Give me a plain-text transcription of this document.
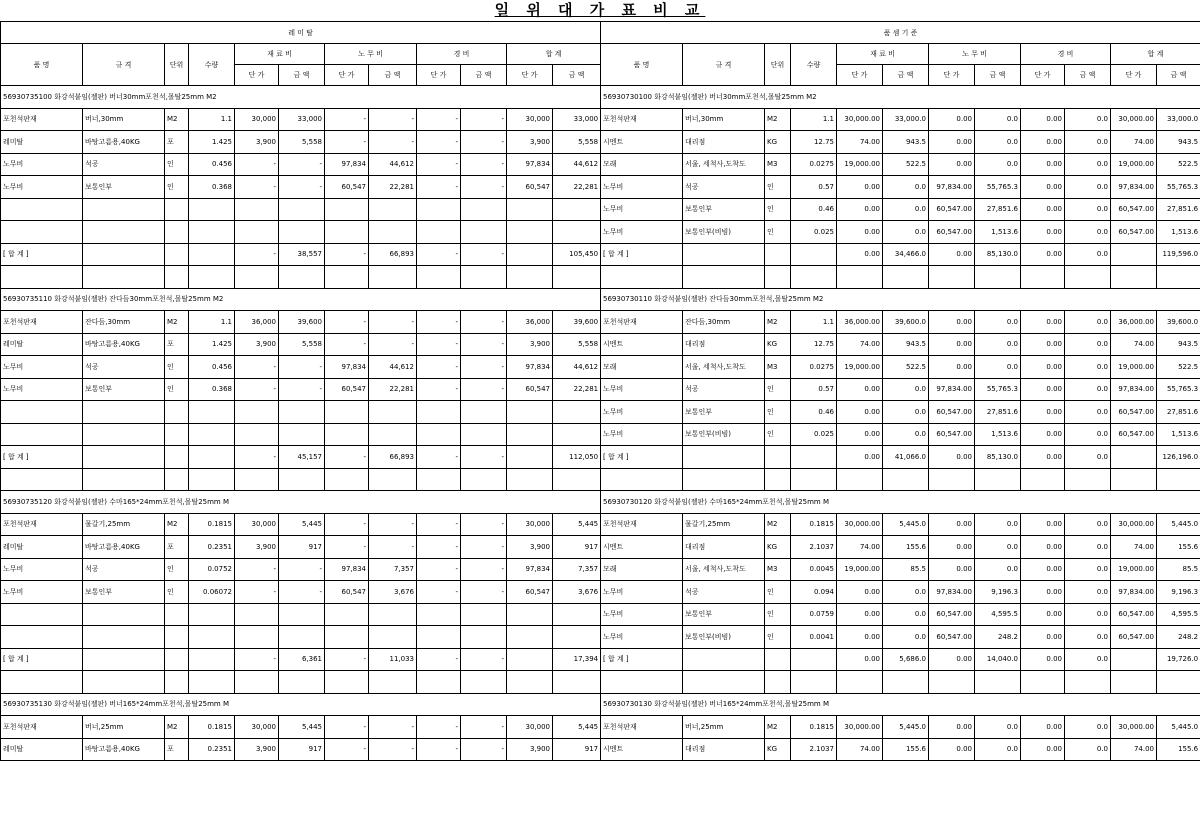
일 위 대 가 표 비 교
레 미 탈											
품 명	규 격	단위	수량	재 료 비		노 무 비		경 비		합 계	
				단 가	금 액	단 가	금 액	단 가	금 액	단 가	금 액
56930735100 화강석붙임(젤판) 버너30mm포천석,몰탈25mm M2											
포천석판재	버너,30mm	M2	1.1	30,000	33,000	-	-	-	-	30,000	33,000
레미탈	바탕고름용,40KG	포	1.425	3,900	5,558	-	-	-	-	3,900	5,558
노무비	석공	인	0.456	-	-	97,834	44,612	-	-	97,834	44,612
노무비	보통인부	인	0.368	-	-	60,547	22,281	-	-	60,547	22,281

[ 합 계 ]				-	38,557	-	66,893	-	-		105,450

56930735110 화강석붙임(젤판) 잔다듬30mm포천석,몰탈25mm M2											
포천석판재	잔다듬,30mm	M2	1.1	36,000	39,600	-	-	-	-	36,000	39,600
레미탈	바탕고름용,40KG	포	1.425	3,900	5,558	-	-	-	-	3,900	5,558
노무비	석공	인	0.456	-	-	97,834	44,612	-	-	97,834	44,612
노무비	보통인부	인	0.368	-	-	60,547	22,281	-	-	60,547	22,281

[ 합 계 ]				-	45,157	-	66,893	-	-		112,050

56930735120 화강석붙임(젤판) 수마165*24mm포천석,몰탈25mm M											
포천석판재	물갈기,25mm	M2	0.1815	30,000	5,445	-	-	-	-	30,000	5,445
레미탈	바탕고름용,40KG	포	0.2351	3,900	917	-	-	-	-	3,900	917
노무비	석공	인	0.0752	-	-	97,834	7,357	-	-	97,834	7,357
노무비	보통인부	인	0.06072	-	-	60,547	3,676	-	-	60,547	3,676

[ 합 계 ]				-	6,361	-	11,033	-	-		17,394

56930735130 화강석붙임(젤판) 버너165*24mm포천석,몰탈25mm M											
포천석판재	버너,25mm	M2	0.1815	30,000	5,445	-	-	-	-	30,000	5,445
레미탈	바탕고름용,40KG	포	0.2351	3,900	917	-	-	-	-	3,900	917
품 셈 기 준											
품 명	규 격	단위	수량	재 료 비		노 무 비		경 비		합 계	
				단 가	금 액	단 가	금 액	단 가	금 액	단 가	금 액
56930730100 화강석붙임(젤판) 버너30mm포천석,몰탈25mm M2											
포천석판재	버너,30mm	M2	1.1	30,000.00	33,000.0	0.00	0.0	0.00	0.0	30,000.00	33,000.0
시멘트	대리점	KG	12.75	74.00	943.5	0.00	0.0	0.00	0.0	74.00	943.5
모래	서울, 세척사,도착도	M3	0.0275	19,000.00	522.5	0.00	0.0	0.00	0.0	19,000.00	522.5
노무비	석공	인	0.57	0.00	0.0	97,834.00	55,765.3	0.00	0.0	97,834.00	55,765.3
노무비	보통인부	인	0.46	0.00	0.0	60,547.00	27,851.6	0.00	0.0	60,547.00	27,851.6
노무비	보통인부(비빔)	인	0.025	0.00	0.0	60,547.00	1,513.6	0.00	0.0	60,547.00	1,513.6
[ 합 계 ]				0.00	34,466.0	0.00	85,130.0	0.00	0.0		119,596.0

56930730110 화강석붙임(젤판) 잔다듬30mm포천석,몰탈25mm M2											
포천석판재	잔다듬,30mm	M2	1.1	36,000.00	39,600.0	0.00	0.0	0.00	0.0	36,000.00	39,600.0
시멘트	대리점	KG	12.75	74.00	943.5	0.00	0.0	0.00	0.0	74.00	943.5
모래	서울, 세척사,도착도	M3	0.0275	19,000.00	522.5	0.00	0.0	0.00	0.0	19,000.00	522.5
노무비	석공	인	0.57	0.00	0.0	97,834.00	55,765.3	0.00	0.0	97,834.00	55,765.3
노무비	보통인부	인	0.46	0.00	0.0	60,547.00	27,851.6	0.00	0.0	60,547.00	27,851.6
노무비	보통인부(비빔)	인	0.025	0.00	0.0	60,547.00	1,513.6	0.00	0.0	60,547.00	1,513.6
[ 합 계 ]				0.00	41,066.0	0.00	85,130.0	0.00	0.0		126,196.0

56930730120 화강석붙임(젤판) 수마165*24mm포천석,몰탈25mm M											
포천석판재	물갈기,25mm	M2	0.1815	30,000.00	5,445.0	0.00	0.0	0.00	0.0	30,000.00	5,445.0
시멘트	대리점	KG	2.1037	74.00	155.6	0.00	0.0	0.00	0.0	74.00	155.6
모래	서울, 세척사,도착도	M3	0.0045	19,000.00	85.5	0.00	0.0	0.00	0.0	19,000.00	85.5
노무비	석공	인	0.094	0.00	0.0	97,834.00	9,196.3	0.00	0.0	97,834.00	9,196.3
노무비	보통인부	인	0.0759	0.00	0.0	60,547.00	4,595.5	0.00	0.0	60,547.00	4,595.5
노무비	보통인부(비빔)	인	0.0041	0.00	0.0	60,547.00	248.2	0.00	0.0	60,547.00	248.2
[ 합 계 ]				0.00	5,686.0	0.00	14,040.0	0.00	0.0		19,726.0

56930730130 화강석붙임(젤판) 버너165*24mm포천석,몰탈25mm M											
포천석판재	버너,25mm	M2	0.1815	30,000.00	5,445.0	0.00	0.0	0.00	0.0	30,000.00	5,445.0
시멘트	대리점	KG	2.1037	74.00	155.6	0.00	0.0	0.00	0.0	74.00	155.6
